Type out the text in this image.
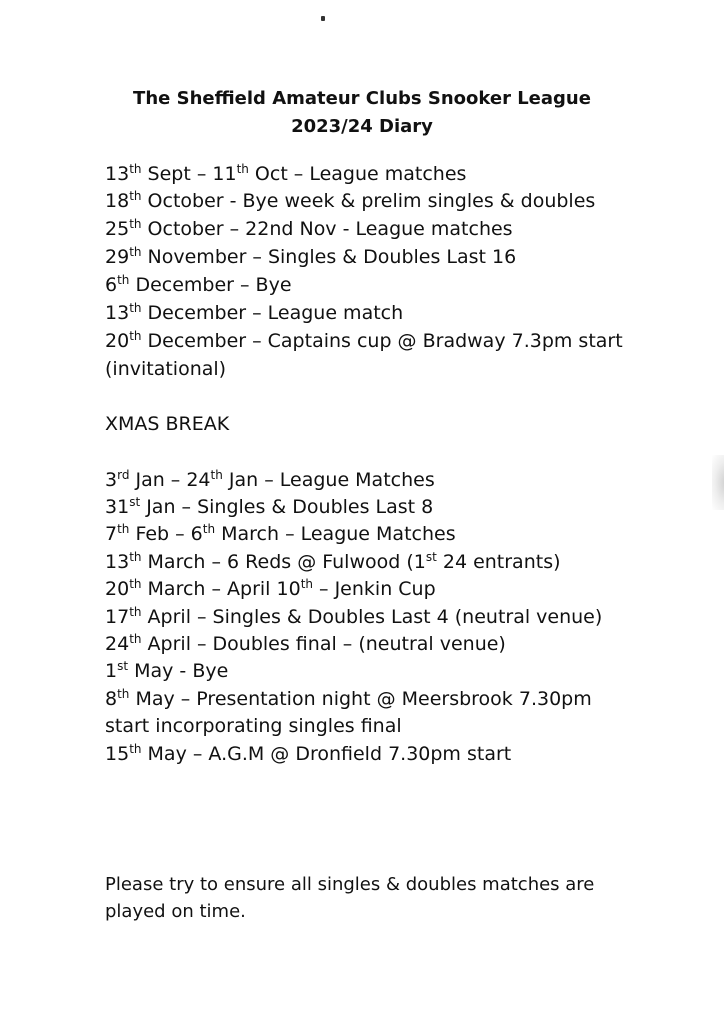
The Sheffield Amateur Clubs Snooker League
2023/24 Diary
13th Sept – 11th Oct – League matches
18th October - Bye week & prelim singles & doubles
25th October – 22nd Nov - League matches
29th November – Singles & Doubles Last 16
6th December – Bye
13th December – League match
20th December – Captains cup @ Bradway 7.3pm start
(invitational)
XMAS BREAK
3rd Jan – 24th Jan – League Matches
31st Jan – Singles & Doubles Last 8
7th Feb – 6th March – League Matches
13th March – 6 Reds @ Fulwood (1st 24 entrants)
20th March – April 10th – Jenkin Cup
17th April – Singles & Doubles Last 4 (neutral venue)
24th April – Doubles final – (neutral venue)
1st May - Bye
8th May – Presentation night @ Meersbrook 7.30pm
start incorporating singles final
15th May – A.G.M @ Dronfield 7.30pm start
Please try to ensure all singles & doubles matches are
played on time.
